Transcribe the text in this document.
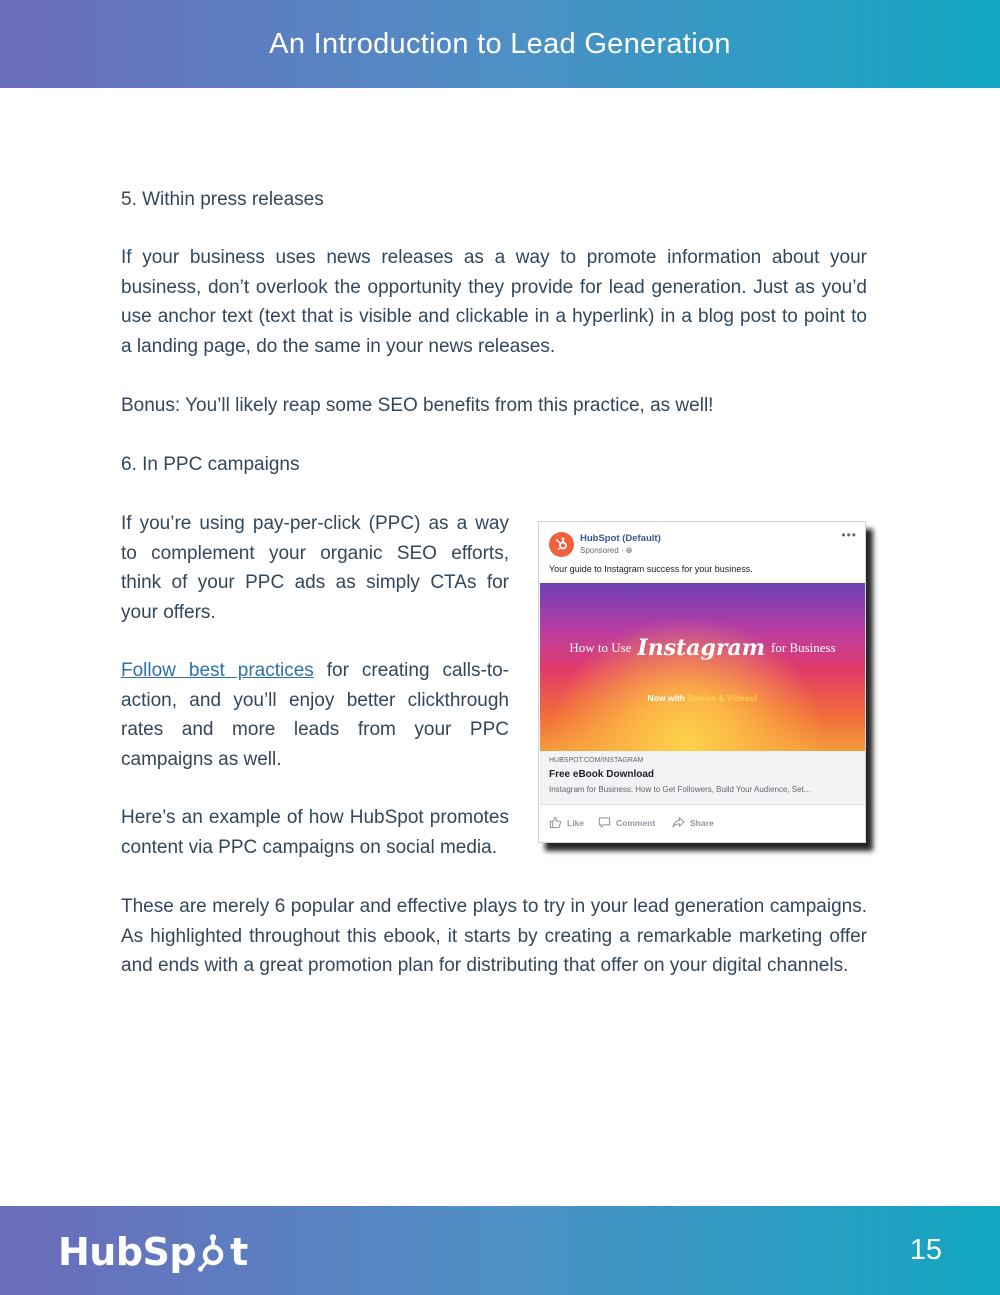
An Introduction to Lead Generation
5. Within press releases

If your business uses news releases as a way to promote information about your business, don’t overlook the opportunity they provide for lead generation. Just as you’d use anchor text (text that is visible and clickable in a hyperlink) in a blog post to point to a landing page, do the same in your news releases.

Bonus: You’ll likely reap some SEO benefits from this practice, as well!

6. In PPC campaigns

If you’re using pay-per-click (PPC) as a way to complement your organic SEO efforts, think of your PPC ads as simply CTAs for your offers.

Follow best practices for creating calls-to-action, and you’ll enjoy better clickthrough rates and more leads from your PPC campaigns as well.

Here’s an example of how HubSpot promotes content via PPC campaigns on social media.

HubSpot (Default)
Sponsored · 🌐︎
•••
Your guide to Instagram success for your business.
How to Use Instagram for Business
Now with Stories & Videos!
HUBSPOT.COM/INSTAGRAM
Free eBook Download
Instagram for Business: How to Get Followers, Build Your Audience, Set...
Like	Comment	Share

These are merely 6 popular and effective plays to try in your lead generation campaigns. As highlighted throughout this ebook, it starts by creating a remarkable marketing offer and ends with a great promotion plan for distributing that offer on your digital channels.

HubSp t	15
